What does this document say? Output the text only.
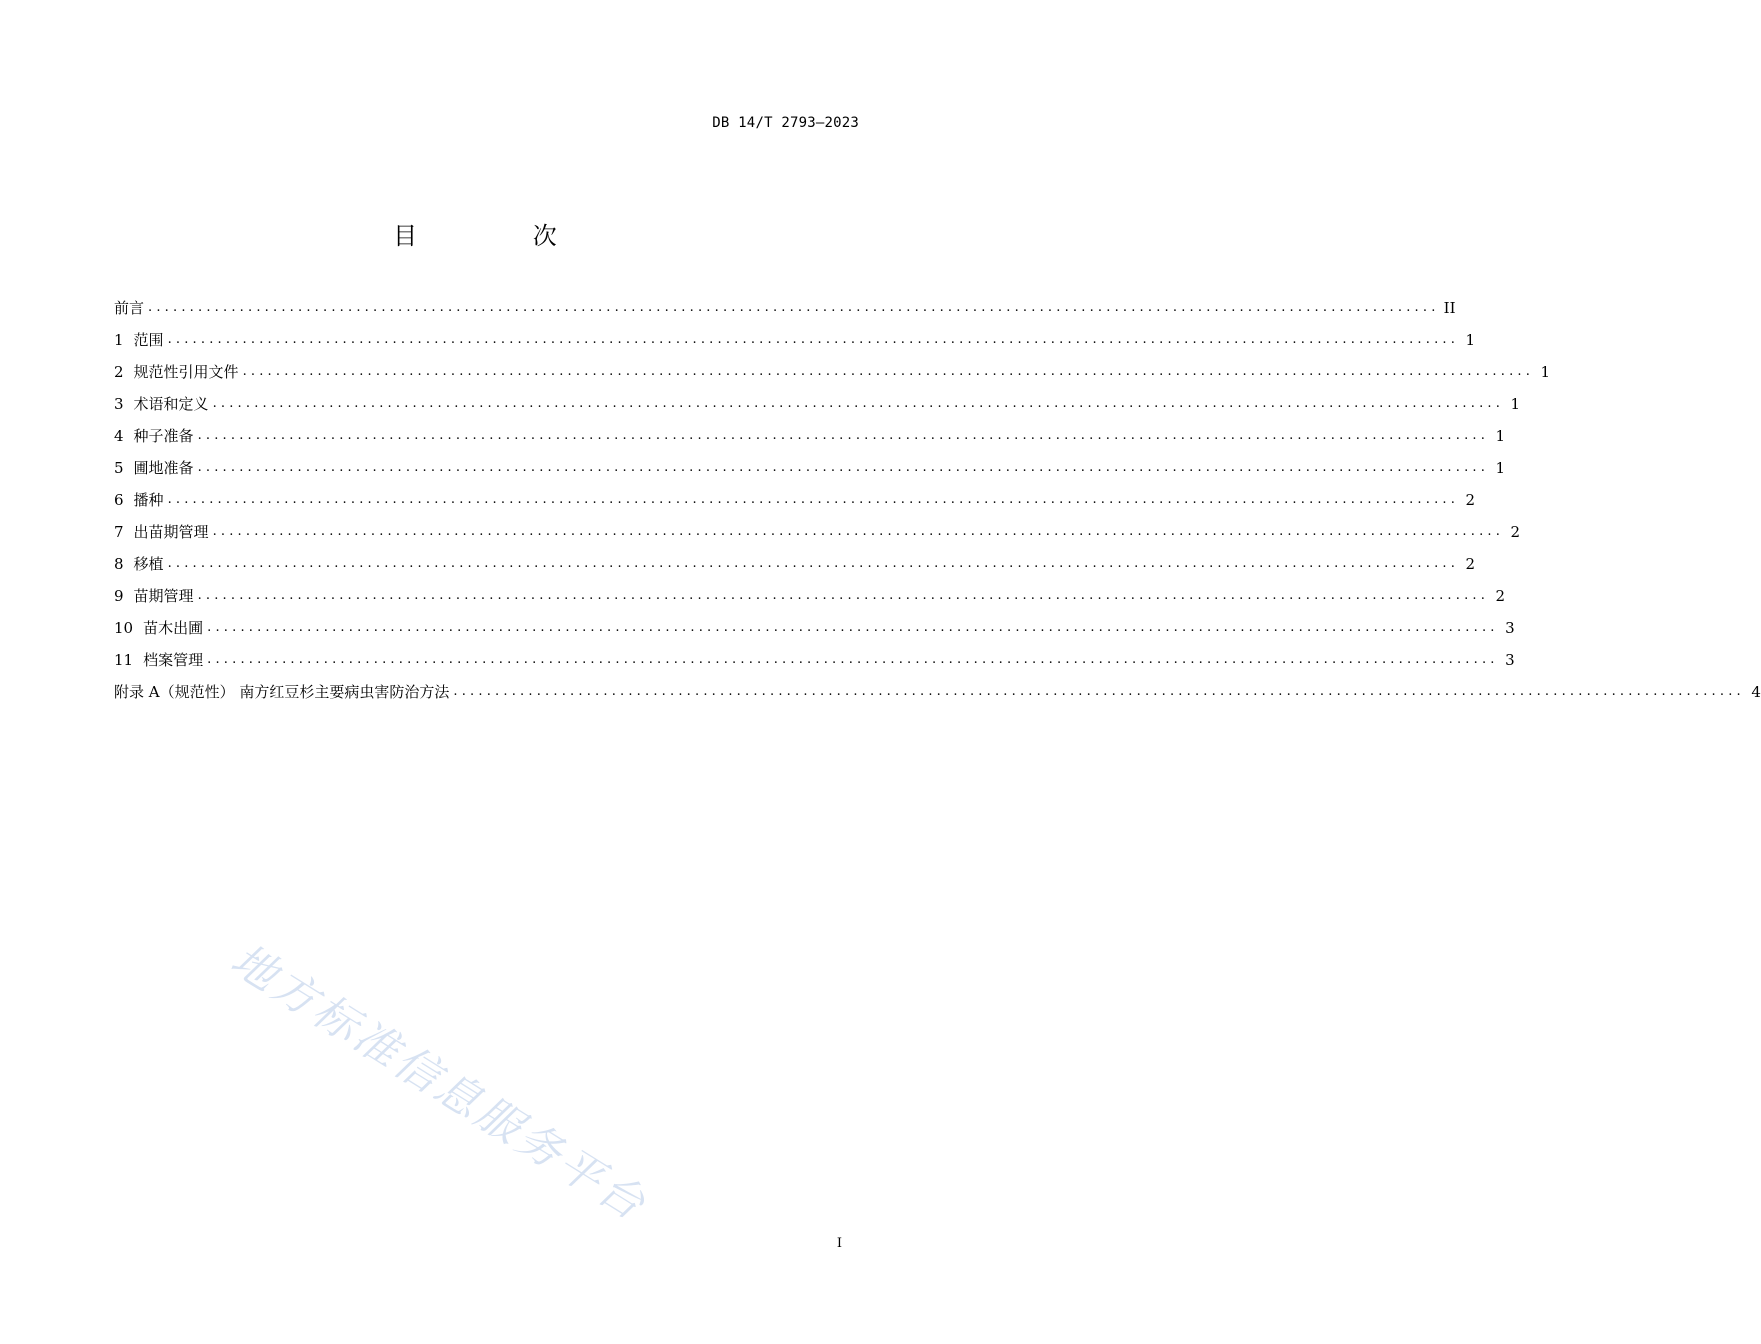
DB 14/T 2793—2023
目 次
前言 ........................................................................................................................................................... II
1 范围 ........................................................................................................................................................... 1
2 规范性引用文件 ........................................................................................................................................................... 1
3 术语和定义 ........................................................................................................................................................... 1
4 种子准备 ........................................................................................................................................................... 1
5 圃地准备 ........................................................................................................................................................... 1
6 播种 ........................................................................................................................................................... 2
7 出苗期管理 ........................................................................................................................................................... 2
8 移植 ........................................................................................................................................................... 2
9 苗期管理 ........................................................................................................................................................... 2
10 苗木出圃 ........................................................................................................................................................... 3
11 档案管理 ........................................................................................................................................................... 3
附录 A（规范性） 南方红豆杉主要病虫害防治方法 ........................................................................................................................................................... 4
地方标准信息服务平台
I
